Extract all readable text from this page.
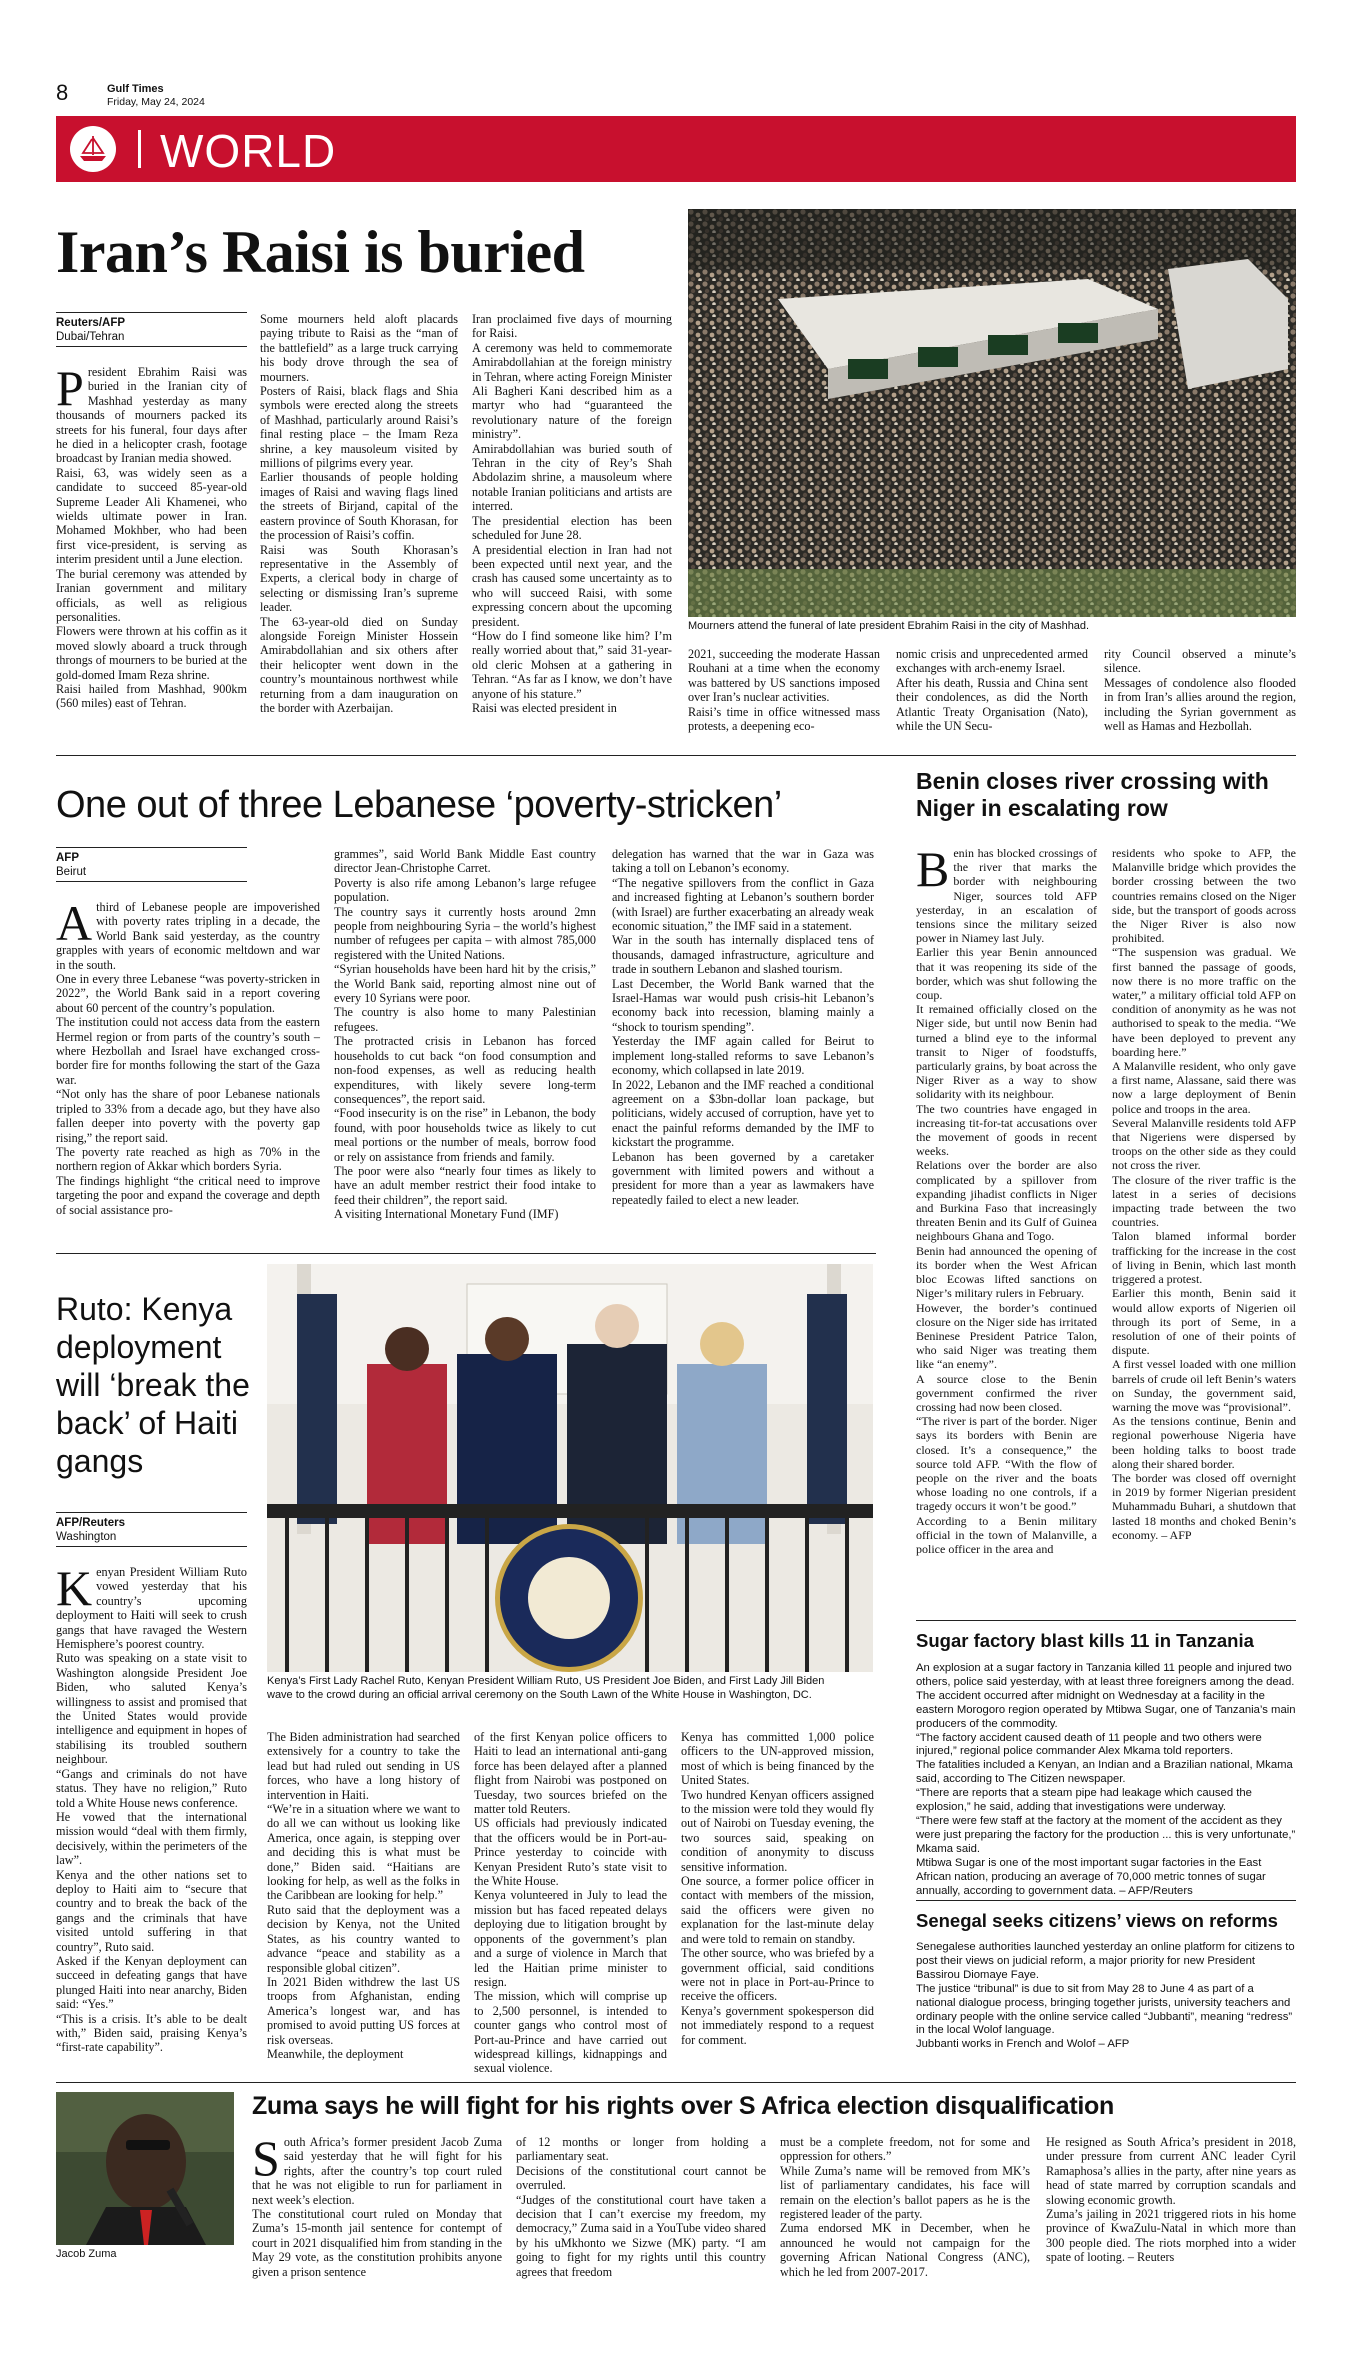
8	Gulf Times
Friday, May 24, 2024
WORLD
Iran’s Raisi is buried
Mourners attend the funeral of late president Ebrahim Raisi in the city of Mashhad.
Reuters/AFP
Dubai/Tehran

President Ebrahim Raisi was buried in the Iranian city of Mashhad yesterday as many thousands of mourners packed its streets for his funeral, four days after he died in a helicopter crash, footage broadcast by Iranian media showed.

Raisi, 63, was widely seen as a candidate to succeed 85-year-old Supreme Leader Ali Khamenei, who wields ultimate power in Iran. Mohamed Mokhber, who had been first vice-president, is serving as interim president until a June election.

The burial ceremony was attended by Iranian government and military officials, as well as religious personalities.

Flowers were thrown at his coffin as it moved slowly aboard a truck through throngs of mourners to be buried at the gold-domed Imam Reza shrine.

Raisi hailed from Mashhad, 900km (560 miles) east of Tehran.

Some mourners held aloft placards paying tribute to Raisi as the “man of the battlefield” as a large truck carrying his body drove through the sea of mourners.

Posters of Raisi, black flags and Shia symbols were erected along the streets of Mashhad, particularly around Raisi’s final resting place – the Imam Reza shrine, a key mausoleum visited by millions of pilgrims every year.

Earlier thousands of people holding images of Raisi and waving flags lined the streets of Birjand, capital of the eastern province of South Khorasan, for the procession of Raisi’s coffin.

Raisi was South Khorasan’s representative in the Assembly of Experts, a clerical body in charge of selecting or dismissing Iran’s supreme leader.

The 63-year-old died on Sunday alongside Foreign Minister Hossein Amirabdollahian and six others after their helicopter went down in the country’s mountainous northwest while returning from a dam inauguration on the border with Azerbaijan.

Iran proclaimed five days of mourning for Raisi.

A ceremony was held to commemorate Amirabdollahian at the foreign ministry in Tehran, where acting Foreign Minister Ali Bagheri Kani described him as a martyr who had “guaranteed the revolutionary nature of the foreign ministry”.

Amirabdollahian was buried south of Tehran in the city of Rey’s Shah Abdolazim shrine, a mausoleum where notable Iranian politicians and artists are interred.

The presidential election has been scheduled for June 28.

A presidential election in Iran had not been expected until next year, and the crash has caused some uncertainty as to who will succeed Raisi, with some expressing concern about the upcoming president.

“How do I find someone like him? I’m really worried about that,” said 31-year-old cleric Mohsen at a gathering in Tehran. “As far as I know, we don’t have anyone of his stature.”

Raisi was elected president in

2021, succeeding the moderate Hassan Rouhani at a time when the economy was battered by US sanctions imposed over Iran’s nuclear activities.

Raisi’s time in office witnessed mass protests, a deepening eco-

nomic crisis and unprecedented armed exchanges with arch-enemy Israel.

After his death, Russia and China sent their condolences, as did the North Atlantic Treaty Organisation (Nato), while the UN Secu-

rity Council observed a minute’s silence.

Messages of condolence also flooded in from Iran’s allies around the region, including the Syrian government as well as Hamas and Hezbollah.

One out of three Lebanese ‘poverty-stricken’
AFP
Beirut

Athird of Lebanese people are impoverished with poverty rates tripling in a decade, the World Bank said yesterday, as the country grapples with years of economic meltdown and war in the south.

One in every three Lebanese “was poverty-stricken in 2022”, the World Bank said in a report covering about 60 percent of the country’s population.

The institution could not access data from the eastern Hermel region or from parts of the country’s south – where Hezbollah and Israel have exchanged cross-border fire for months following the start of the Gaza war.

“Not only has the share of poor Lebanese nationals tripled to 33% from a decade ago, but they have also fallen deeper into poverty with the poverty gap rising,” the report said.

The poverty rate reached as high as 70% in the northern region of Akkar which borders Syria.

The findings highlight “the critical need to improve targeting the poor and expand the coverage and depth of social assistance pro-

grammes”, said World Bank Middle East country director Jean-Christophe Carret.

Poverty is also rife among Lebanon’s large refugee population.

The country says it currently hosts around 2mn people from neighbouring Syria – the world’s highest number of refugees per capita – with almost 785,000 registered with the United Nations.

“Syrian households have been hard hit by the crisis,” the World Bank said, reporting almost nine out of every 10 Syrians were poor.

The country is also home to many Palestinian refugees.

The protracted crisis in Lebanon has forced households to cut back “on food consumption and non-food expenses, as well as reducing health expenditures, with likely severe long-term consequences”, the report said.

“Food insecurity is on the rise” in Lebanon, the body found, with poor households twice as likely to cut meal portions or the number of meals, borrow food or rely on assistance from friends and family.

The poor were also “nearly four times as likely to have an adult member restrict their food intake to feed their children”, the report said.

A visiting International Monetary Fund (IMF)

delegation has warned that the war in Gaza was taking a toll on Lebanon’s economy.

“The negative spillovers from the conflict in Gaza and increased fighting at Lebanon’s southern border (with Israel) are further exacerbating an already weak economic situation,” the IMF said in a statement.

War in the south has internally displaced tens of thousands, damaged infrastructure, agriculture and trade in southern Lebanon and slashed tourism.

Last December, the World Bank warned that the Israel-Hamas war would push crisis-hit Lebanon’s economy back into recession, blaming mainly a “shock to tourism spending”.

Yesterday the IMF again called for Beirut to implement long-stalled reforms to save Lebanon’s economy, which collapsed in late 2019.

In 2022, Lebanon and the IMF reached a conditional agreement on a $3bn-dollar loan package, but politicians, widely accused of corruption, have yet to enact the painful reforms demanded by the IMF to kickstart the programme.

Lebanon has been governed by a caretaker government with limited powers and without a president for more than a year as lawmakers have repeatedly failed to elect a new leader.

Benin closes river crossing with Niger in escalating row

Benin has blocked crossings of the river that marks the border with neighbouring Niger, sources told AFP yesterday, in an escalation of tensions since the military seized power in Niamey last July.

Earlier this year Benin announced that it was reopening its side of the border, which was shut following the coup.

It remained officially closed on the Niger side, but until now Benin had turned a blind eye to the informal transit to Niger of foodstuffs, particularly grains, by boat across the Niger River as a way to show solidarity with its neighbour.

The two countries have engaged in increasing tit-for-tat accusations over the movement of goods in recent weeks.

Relations over the border are also complicated by a spillover from expanding jihadist conflicts in Niger and Burkina Faso that increasingly threaten Benin and its Gulf of Guinea neighbours Ghana and Togo.

Benin had announced the opening of its border when the West African bloc Ecowas lifted sanctions on Niger’s military rulers in February.

However, the border’s continued closure on the Niger side has irritated Beninese President Patrice Talon, who said Niger was treating them like “an enemy”.

A source close to the Benin government confirmed the river crossing had now been closed.

“The river is part of the border. Niger says its borders with Benin are closed. It’s a consequence,” the source told AFP. “With the flow of people on the river and the boats whose loading no one controls, if a tragedy occurs it won’t be good.”

According to a Benin military official in the town of Malanville, a police officer in the area and

residents who spoke to AFP, the Malanville bridge which provides the border crossing between the two countries remains closed on the Niger side, but the transport of goods across the Niger River is also now prohibited.

“The suspension was gradual. We first banned the passage of goods, now there is no more traffic on the water,” a military official told AFP on condition of anonymity as he was not authorised to speak to the media. “We have been deployed to prevent any boarding here.”

A Malanville resident, who only gave a first name, Alassane, said there was now a large deployment of Benin police and troops in the area.

Several Malanville residents told AFP that Nigeriens were dispersed by troops on the other side as they could not cross the river.

The closure of the river traffic is the latest in a series of decisions impacting trade between the two countries.

Talon blamed informal border trafficking for the increase in the cost of living in Benin, which last month triggered a protest.

Earlier this month, Benin said it would allow exports of Nigerien oil through its port of Seme, in a resolution of one of their points of dispute.

A first vessel loaded with one million barrels of crude oil left Benin’s waters on Sunday, the government said, warning the move was “provisional”.

As the tensions continue, Benin and regional powerhouse Nigeria have been holding talks to boost trade along their shared border.

The border was closed off overnight in 2019 by former Nigerian president Muhammadu Buhari, a shutdown that lasted 18 months and choked Benin’s economy. – AFP

Ruto: Kenya deployment will ‘break the back’ of Haiti gangs
AFP/Reuters
Washington
Kenya’s First Lady Rachel Ruto, Kenyan President William Ruto, US President Joe Biden, and First Lady Jill Biden wave to the crowd during an official arrival ceremony on the South Lawn of the White House in Washington, DC.

Kenyan President William Ruto vowed yesterday that his country’s upcoming deployment to Haiti will seek to crush gangs that have ravaged the Western Hemisphere’s poorest country.

Ruto was speaking on a state visit to Washington alongside President Joe Biden, who saluted Kenya’s willingness to assist and promised that the United States would provide intelligence and equipment in hopes of stabilising its troubled southern neighbour.

“Gangs and criminals do not have status. They have no religion,” Ruto told a White House news conference.

He vowed that the international mission would “deal with them firmly, decisively, within the perimeters of the law”.

Kenya and the other nations set to deploy to Haiti aim to “secure that country and to break the back of the gangs and the criminals that have visited untold suffering in that country”, Ruto said.

Asked if the Kenyan deployment can succeed in defeating gangs that have plunged Haiti into near anarchy, Biden said: “Yes.”

“This is a crisis. It’s able to be dealt with,” Biden said, praising Kenya’s “first-rate capability”.

The Biden administration had searched extensively for a country to take the lead but had ruled out sending in US forces, who have a long history of intervention in Haiti.

“We’re in a situation where we want to do all we can without us looking like America, once again, is stepping over and deciding this is what must be done,” Biden said. “Haitians are looking for help, as well as the folks in the Caribbean are looking for help.”

Ruto said that the deployment was a decision by Kenya, not the United States, as his country wanted to advance “peace and stability as a responsible global citizen”.

In 2021 Biden withdrew the last US troops from Afghanistan, ending America’s longest war, and has promised to avoid putting US forces at risk overseas.

Meanwhile, the deployment

of the first Kenyan police officers to Haiti to lead an international anti-gang force has been delayed after a planned flight from Nairobi was postponed on Tuesday, two sources briefed on the matter told Reuters.

US officials had previously indicated that the officers would be in Port-au-Prince yesterday to coincide with Kenyan President Ruto’s state visit to the White House.

Kenya volunteered in July to lead the mission but has faced repeated delays deploying due to litigation brought by opponents of the government’s plan and a surge of violence in March that led the Haitian prime minister to resign.

The mission, which will comprise up to 2,500 personnel, is intended to counter gangs who control most of Port-au-Prince and have carried out widespread killings, kidnappings and sexual violence.

Kenya has committed 1,000 police officers to the UN-approved mission, most of which is being financed by the United States.

Two hundred Kenyan officers assigned to the mission were told they would fly out of Nairobi on Tuesday evening, the two sources said, speaking on condition of anonymity to discuss sensitive information.

One source, a former police officer in contact with members of the mission, said the officers were given no explanation for the last-minute delay and were told to remain on standby.

The other source, who was briefed by a government official, said conditions were not in place in Port-au-Prince to receive the officers.

Kenya’s government spokesperson did not immediately respond to a request for comment.

Sugar factory blast kills 11 in Tanzania

An explosion at a sugar factory in Tanzania killed 11 people and injured two others, police said yesterday, with at least three foreigners among the dead.

The accident occurred after midnight on Wednesday at a facility in the eastern Morogoro region operated by Mtibwa Sugar, one of Tanzania’s main producers of the commodity.

“The factory accident caused death of 11 people and two others were injured,” regional police commander Alex Mkama told reporters.

The fatalities included a Kenyan, an Indian and a Brazilian national, Mkama said, according to The Citizen newspaper.

“There are reports that a steam pipe had leakage which caused the explosion,” he said, adding that investigations were underway.

“There were few staff at the factory at the moment of the accident as they were just preparing the factory for the production ... this is very unfortunate,” Mkama said.

Mtibwa Sugar is one of the most important sugar factories in the East African nation, producing an average of 70,000 metric tonnes of sugar annually, according to government data. – AFP/Reuters

Senegal seeks citizens’ views on reforms

Senegalese authorities launched yesterday an online platform for citizens to post their views on judicial reform, a major priority for new President Bassirou Diomaye Faye.

The justice “tribunal” is due to sit from May 28 to June 4 as part of a national dialogue process, bringing together jurists, university teachers and ordinary people with the online service called “Jubbanti”, meaning “redress” in the local Wolof language.

Jubbanti works in French and Wolof – AFP

Jacob Zuma
Zuma says he will fight for his rights over S Africa election disqualification

South Africa’s former president Jacob Zuma said yesterday that he will fight for his rights, after the country’s top court ruled that he was not eligible to run for parliament in next week’s election.

The constitutional court ruled on Monday that Zuma’s 15-month jail sentence for contempt of court in 2021 disqualified him from standing in the May 29 vote, as the constitution prohibits anyone given a prison sentence

of 12 months or longer from holding a parliamentary seat.

Decisions of the constitutional court cannot be overruled.

“Judges of the constitutional court have taken a decision that I can’t exercise my freedom, my democracy,” Zuma said in a YouTube video shared by his uMkhonto we Sizwe (MK) party. “I am going to fight for my rights until this country agrees that freedom

must be a complete freedom, not for some and oppression for others.”

While Zuma’s name will be removed from MK’s list of parliamentary candidates, his face will remain on the election’s ballot papers as he is the registered leader of the party.

Zuma endorsed MK in December, when he announced he would not campaign for the governing African National Congress (ANC), which he led from 2007-2017.

He resigned as South Africa’s president in 2018, under pressure from current ANC leader Cyril Ramaphosa’s allies in the party, after nine years as head of state marred by corruption scandals and slowing economic growth.

Zuma’s jailing in 2021 triggered riots in his home province of KwaZulu-Natal in which more than 300 people died. The riots morphed into a wider spate of looting. – Reuters
